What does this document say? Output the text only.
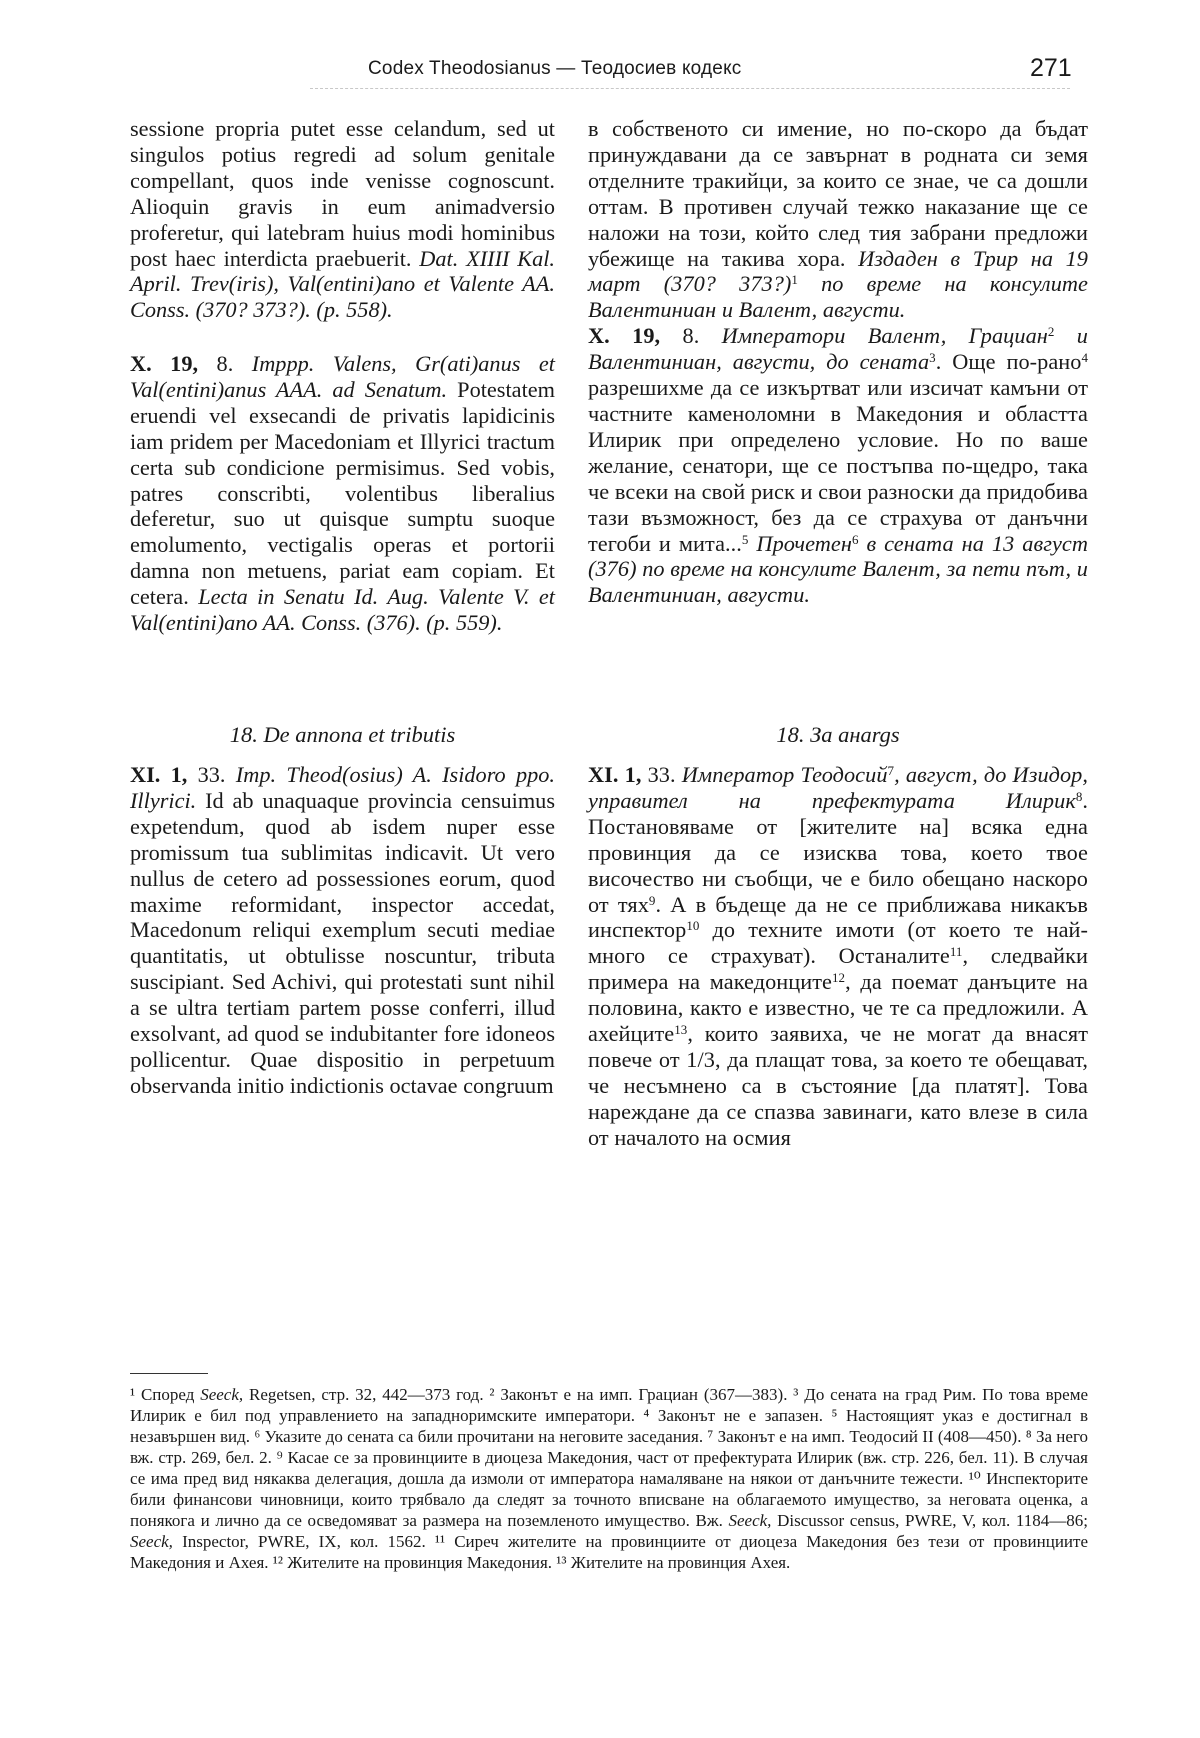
Codex Theodosianus — Теодосиев кодекс	271

sessione propria putet esse celandum, sed ut singulos potius regredi ad solum genitale compellant, quos inde venisse cognoscunt. Alioquin gravis in eum animadversio proferetur, qui latebram huius modi hominibus post haec interdicta praebuerit. Dat. XIIII Kal. April. Trev(iris), Val(entini)ano et Valente AA. Conss. (370? 373?). (p. 558).

X. 19, 8. Imppp. Valens, Gr(ati)anus et Val(entini)anus AAA. ad Senatum. Potestatem eruendi vel exsecandi de privatis lapidicinis iam pridem per Macedoniam et Illyrici tractum certa sub condicione permisimus. Sed vobis, patres conscribti, volentibus liberalius deferetur, suo ut quisque sumptu suoque emolumento, vectigalis operas et portorii damna non metuens, pariat eam copiam. Et cetera. Lecta in Senatu Id. Aug. Valente V. et Val(entini)ano AA. Conss. (376). (p. 559).

18. De annona et tributis

XI. 1, 33. Imp. Theod(osius) A. Isidoro ppo. Illyrici. Id ab unaquaque provincia censuimus expetendum, quod ab isdem nuper esse promissum tua sublimitas indicavit. Ut vero nullus de cetero ad possessiones eorum, quod maxime reformidant, inspector accedat, Macedonum reliqui exemplum secuti mediae quantitatis, ut obtulisse noscuntur, tributa suscipiant. Sed Achivi, qui protestati sunt nihil a se ultra tertiam partem posse conferri, illud exsolvant, ad quod se indubitanter fore idoneos pollicentur. Quae dispositio in perpetuum observanda initio indictionis octavae congruum

в собственото си имение, но по-скоро да бъдат принуждавани да се завърнат в родната си земя отделните тракийци, за които се знае, че са дошли оттам. В противен случай тежко наказание ще се наложи на този, който след тия забрани предложи убежище на такива хора. Издаден в Трир на 19 март (370? 373?)$^1$ по време на консулите Валентиниан и Валент, августи.

X. 19, 8. Императори Валент, Грациан$^2$ и Валентиниан, августи, до сената$^3$. Още по-рано$^4$ разрешихме да се изкъртват или изсичат камъни от частните каменоломни в Македония и областта Илирик при определено условие. Но по ваше желание, сенатори, ще се постъпва по-щедро, така че всеки на свой риск и свои разноски да придобива тази възможност, без да се страхува от данъчни тегоби и мита...$^5$ Прочетен$^6$ в сената на 13 август (376) по време на консулите Валент, за пети път, и Валентиниан, августи.

18. За анargs

XI. 1, 33. Император Теодосий$^7$, август, до Изидор, управител на префектурата Илирик$^8$. Постановяваме от [жителите на] всяка една провинция да се изисква това, което твое височество ни съобщи, че е било обещано наскоро от тях$^9$. А в бъдеще да не се приближава никакъв инспектор$^{10}$ до техните имоти (от което те най-много се страхуват). Останалите$^{11}$, следвайки примера на македонците$^{12}$, да поемат данъците на половина, както е известно, че те са предложили. А ахейците$^{13}$, които заявиха, че не могат да внасят повече от 1/3, да плащат това, за което те обещават, че несъмнено са в състояние [да платят]. Това нареждане да се спазва завинаги, като влезе в сила от началото на осмия

¹ Според Seeck, Regetsen, стр. 32, 442—373 год. ² Законът е на имп. Грациан (367—383). ³ До сената на град Рим. По това време Илирик е бил под управлението на западноримските императори. ⁴ Законът не е запазен. ⁵ Настоящият указ е достигнал в незавършен вид. ⁶ Указите до сената са били прочитани на неговите заседания. ⁷ Законът е на имп. Теодосий II (408—450). ⁸ За него вж. стр. 269, бел. 2. ⁹ Касае се за провинциите в диоцеза Македония, част от префектурата Илирик (вж. стр. 226, бел. 11). В случая се има пред вид някаква делегация, дошла да измоли от императора намаляване на някои от данъчните тежести. ¹⁰ Инспекторите били финансови чиновници, които трябвало да следят за точното вписване на облагаемото имущество, за неговата оценка, а понякога и лично да се осведомяват за размера на поземленото имущество. Вж. Seeck, Discussor census, PWRE, V, кол. 1184—86; Seeck, Inspector, PWRE, IX, кол. 1562. ¹¹ Сиреч жителите на провинциите от диоцеза Македония без тези от провинциите Македония и Ахея. ¹² Жителите на провинция Македония. ¹³ Жителите на провинция Ахея.
